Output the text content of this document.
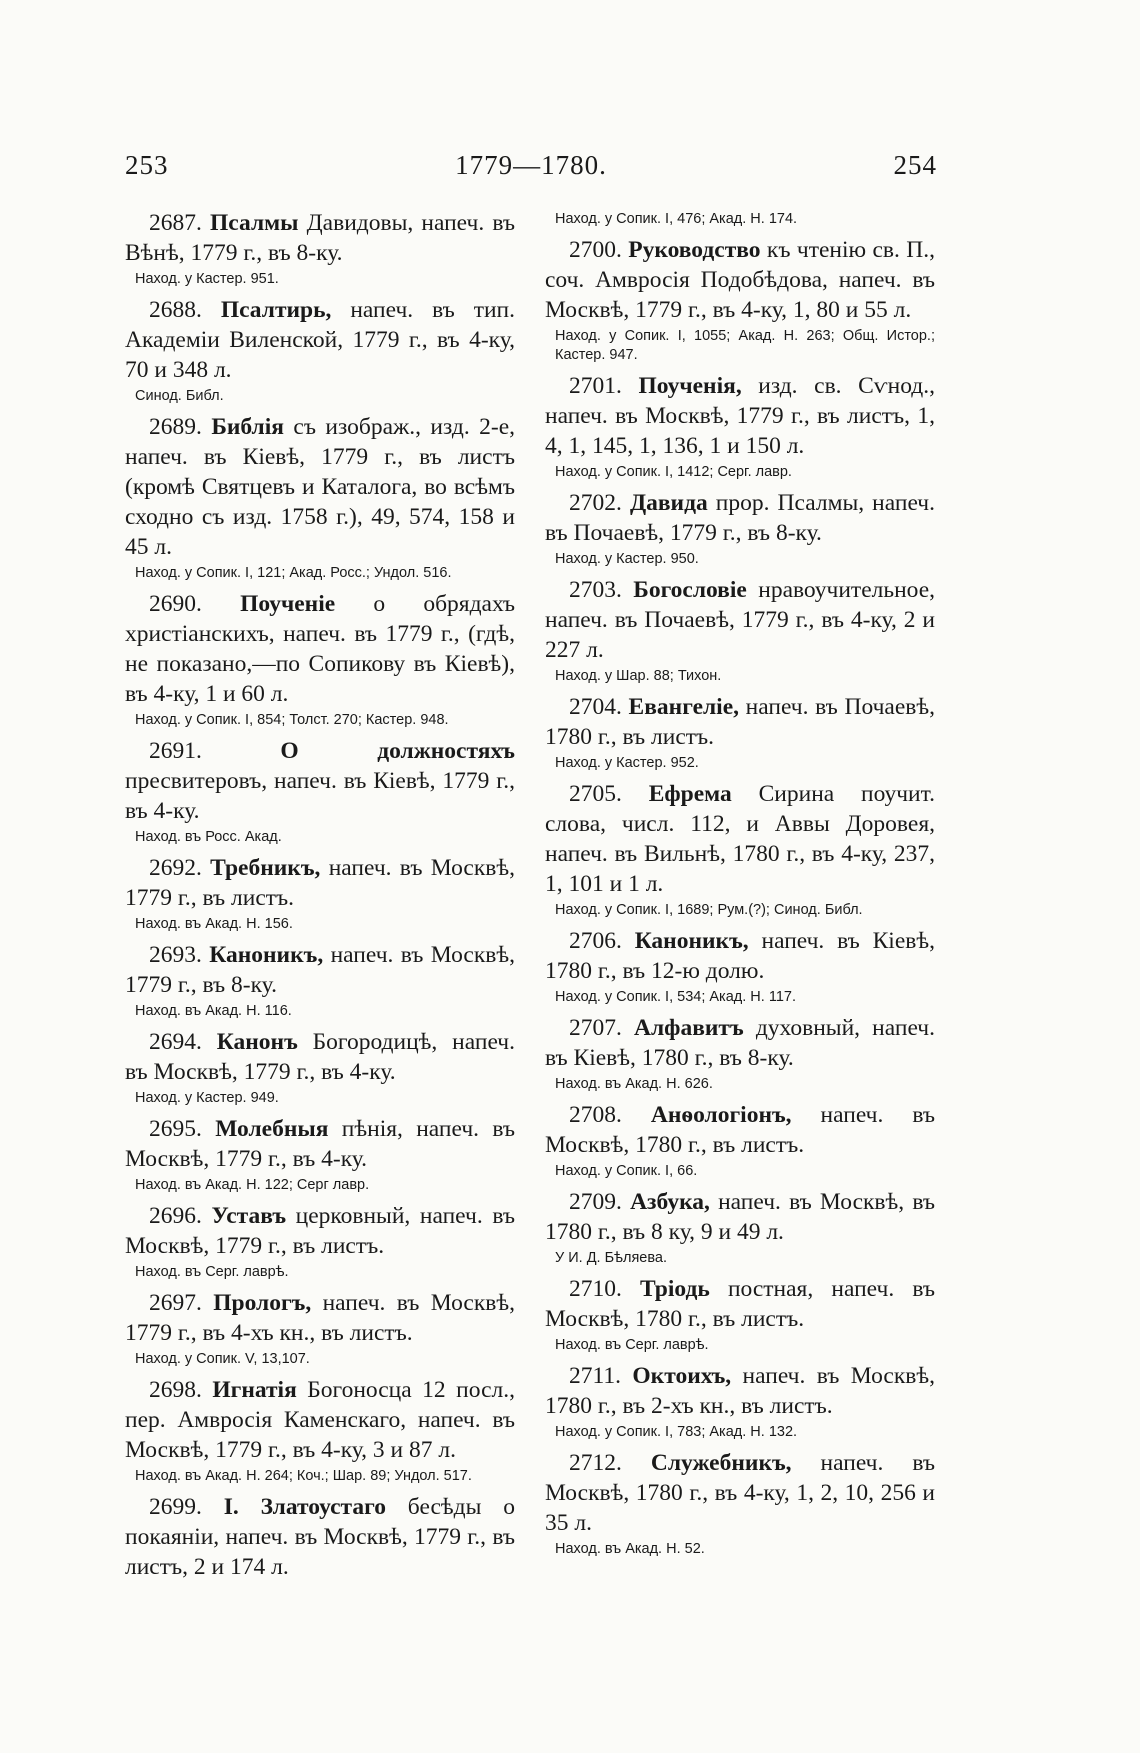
253	1779—1780.	254
2687. Псалмы Давидовы, напеч. въ Вѣнѣ, 1779 г., въ 8-ку.
Наход. у Кастер. 951.
2688. Псалтирь, напеч. въ тип. Академіи Виленской, 1779 г., въ 4-ку, 70 и 348 л.
Синод. Библ.
2689. Библія съ изображ., изд. 2-е, напеч. въ Кіевѣ, 1779 г., въ листъ (кромѣ Святцевъ и Каталога, во всѣмъ сходно съ изд. 1758 г.), 49, 574, 158 и 45 л.
Наход. у Сопик. I, 121; Акад. Росс.; Ундол. 516.
2690. Поученіе о обрядахъ христіанскихъ, напеч. въ 1779 г., (гдѣ, не показано,—по Сопикову въ Кіевѣ), въ 4-ку, 1 и 60 л.
Наход. у Сопик. I, 854; Толст. 270; Кастер. 948.
2691.	О должностяхъ пресвитеровъ, напеч. въ Кіевѣ, 1779 г., въ 4-ку.
Наход. въ Росс. Акад.
2692. Требникъ, напеч. въ Москвѣ, 1779 г., въ листъ.
Наход. въ Акад. Н. 156.
2693. Каноникъ, напеч. въ Москвѣ, 1779 г., въ 8-ку.
Наход. въ Акад. Н. 116.
2694. Канонъ Богородицѣ, напеч. въ Москвѣ, 1779 г., въ 4-ку.
Наход. у Кастер. 949.
2695. Молебныя пѣнія, напеч. въ Москвѣ, 1779 г., въ 4-ку.
Наход. въ Акад. Н. 122; Серг лавр.
2696. Уставъ церковный, напеч. въ Москвѣ, 1779 г., въ листъ.
Наход. въ Серг. лаврѣ.
2697. Прологъ, напеч. въ Москвѣ, 1779 г., въ 4-хъ кн., въ листъ.
Наход. у Сопик. V, 13,107.
2698. Игнатія Богоносца 12 посл., пер. Амвросія Каменскаго, напеч. въ Москвѣ, 1779 г., въ 4-ку, 3 и 87 л.
Наход. въ Акад. Н. 264; Коч.; Шар. 89; Ундол. 517.
2699. I. Златоустаго бесѣды о покаяніи, напеч. въ Москвѣ, 1779 г., въ листъ, 2 и 174 л.
Наход. у Сопик. I, 476; Акад. Н. 174.
2700. Руководство къ чтенію св. П., соч. Амвросія Подобѣдова, напеч. въ Москвѣ, 1779 г., въ 4-ку, 1, 80 и 55 л.
Наход. у Сопик. I, 1055; Акад. Н. 263; Общ. Истор.; Кастер. 947.
2701. Поученія, изд. св. Сѵнод., напеч. въ Москвѣ, 1779 г., въ листъ, 1, 4, 1, 145, 1, 136, 1 и 150 л.
Наход. у Сопик. I, 1412; Серг. лавр.
2702. Давида прор. Псалмы, напеч. въ Почаевѣ, 1779 г., въ 8-ку.
Наход. у Кастер. 950.
2703. Богословіе нравоучительное, напеч. въ Почаевѣ, 1779 г., въ 4-ку, 2 и 227 л.
Наход. у Шар. 88; Тихон.
2704. Евангеліе, напеч. въ Почаевѣ, 1780 г., въ листъ.
Наход. у Кастер. 952.
2705. Ефрема Сирина поучит. слова, числ. 112, и Аввы Доровея, напеч. въ Вильнѣ, 1780 г., въ 4-ку, 237, 1, 101 и 1 л.
Наход. у Сопик. I, 1689; Рум.(?); Синод. Библ.
2706. Каноникъ, напеч. въ Кіевѣ, 1780 г., въ 12-ю долю.
Наход. у Сопик. I, 534; Акад. Н. 117.
2707. Алфавитъ духовный, напеч. въ Кіевѣ, 1780 г., въ 8-ку.
Наход. въ Акад. Н. 626.
2708. Анѳологіонъ, напеч. въ Москвѣ, 1780 г., въ листъ.
Наход. у Сопик. I, 66.
2709. Азбука, напеч. въ Москвѣ, въ 1780 г., въ 8 ку, 9 и 49 л.
У И. Д. Бѣляева.
2710. Тріодь постная, напеч. въ Москвѣ, 1780 г., въ листъ.
Наход. въ Серг. лаврѣ.
2711. Октоихъ, напеч. въ Москвѣ, 1780 г., въ 2-хъ кн., въ листъ.
Наход. у Сопик. I, 783; Акад. Н. 132.
2712. Служебникъ, напеч. въ Москвѣ, 1780 г., въ 4-ку, 1, 2, 10, 256 и 35 л.
Наход. въ Акад. Н. 52.
